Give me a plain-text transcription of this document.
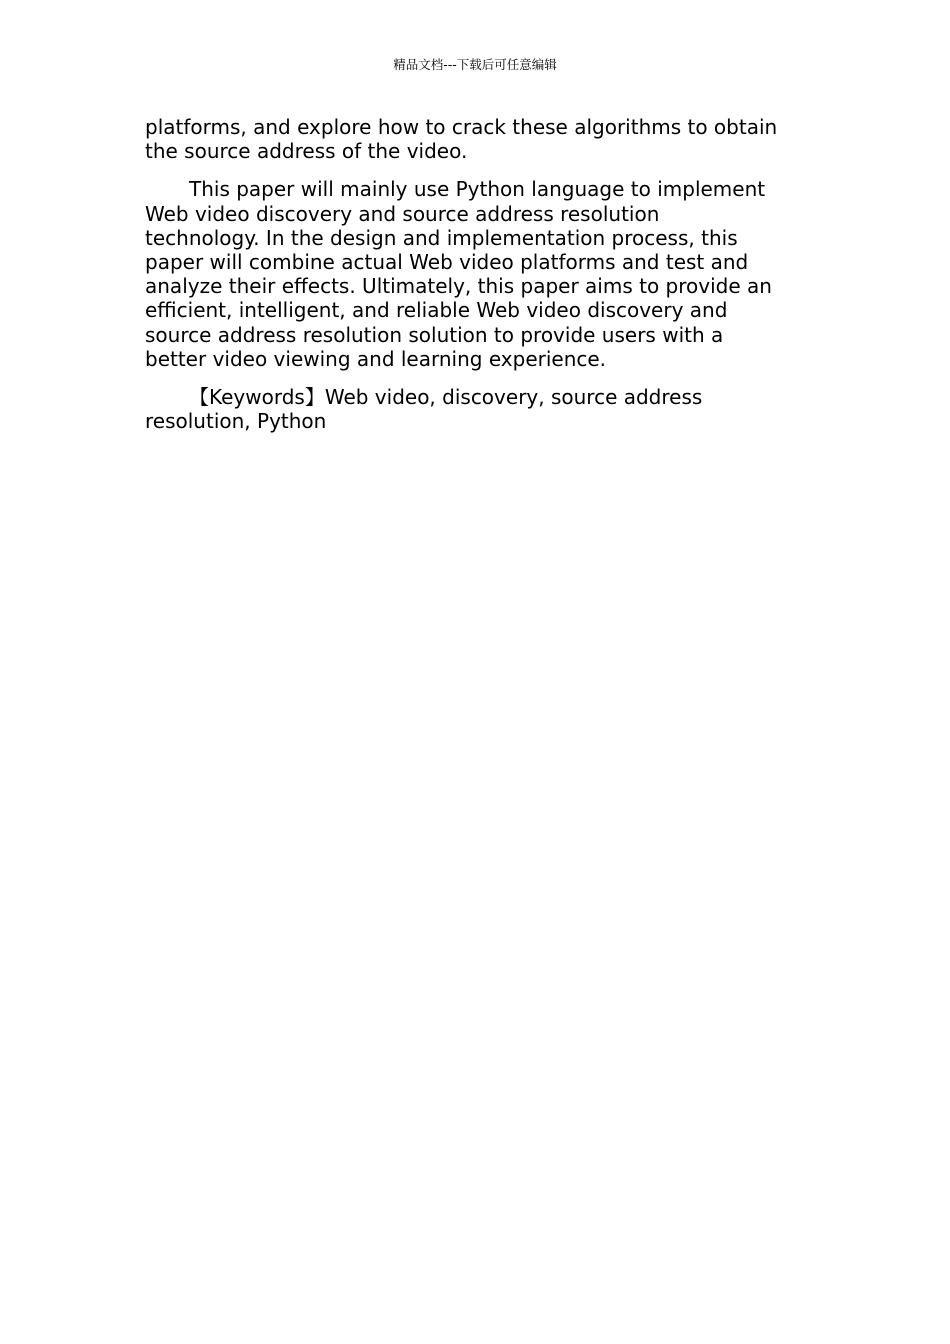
精品文档---下载后可任意编辑

platforms, and explore how to crack these algorithms to obtain
the source address of the video.

This paper will mainly use Python language to implement
Web video discovery and source address resolution
technology. In the design and implementation process, this
paper will combine actual Web video platforms and test and
analyze their effects. Ultimately, this paper aims to provide an
efficient, intelligent, and reliable Web video discovery and
source address resolution solution to provide users with a
better video viewing and learning experience.

【Keywords】Web video, discovery, source address
resolution, Python
